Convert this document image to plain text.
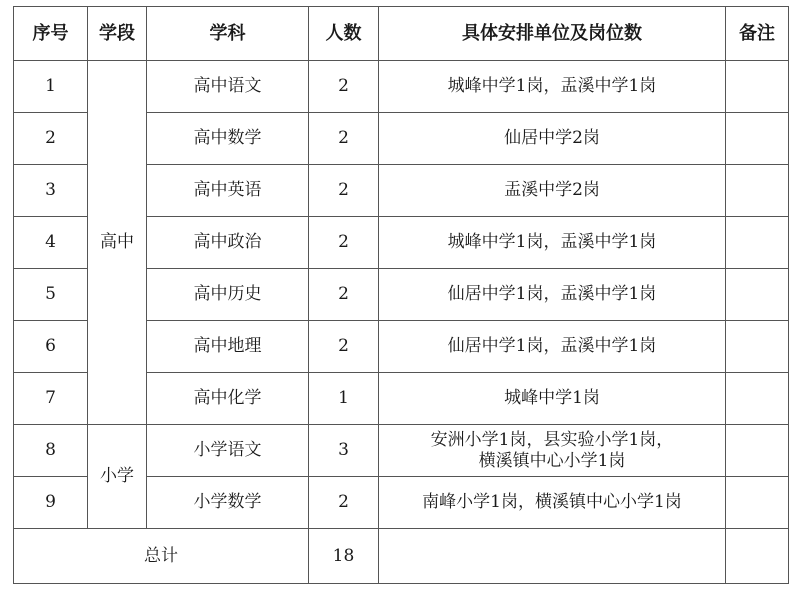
序号	学段	学科	人数	具体安排单位及岗位数	备注
1	高中	高中语文	2	城峰中学1岗，盂溪中学1岗	
2		高中数学	2	仙居中学2岗	
3		高中英语	2	盂溪中学2岗	
4		高中政治	2	城峰中学1岗，盂溪中学1岗	
5		高中历史	2	仙居中学1岗，盂溪中学1岗	
6		高中地理	2	仙居中学1岗，盂溪中学1岗	
7		高中化学	1	城峰中学1岗	
8	小学	小学语文	3	安洲小学1岗，县实验小学1岗，
横溪镇中心小学1岗	

9		小学数学	2	南峰小学1岗，横溪镇中心小学1岗	
总计			18		
